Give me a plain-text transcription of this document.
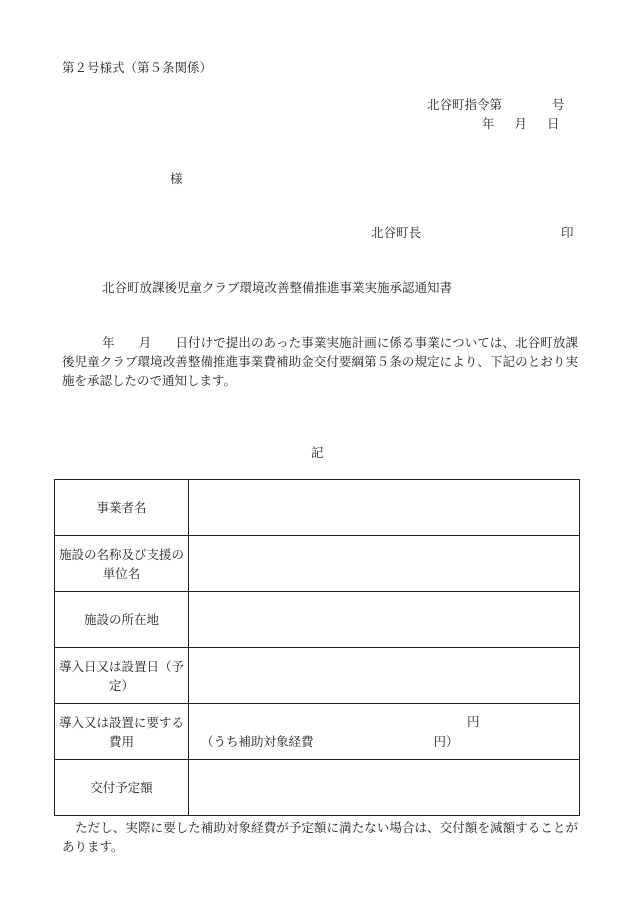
第２号様式（第５条関係）
北谷町指令第	号
年 月 日
様
北谷町長	印
北谷町放課後児童クラブ環境改善整備推進事業実施承認通知書
年 月 日付けで提出のあった事業実施計画に係る事業については、北谷町放課後児童クラブ環境改善整備推進事業費補助金交付要綱第５条の規定により、下記のとおり実施を承認したので通知します。
記
事業者名	
施設の名称及び支援の単位名	
施設の所在地	
導入日又は設置日（予定）	
導入又は設置に要する費用	円
（うち補助対象経費 円）

交付予定額	
ただし、実際に要した補助対象経費が予定額に満たない場合は、交付額を減額することがあります。
